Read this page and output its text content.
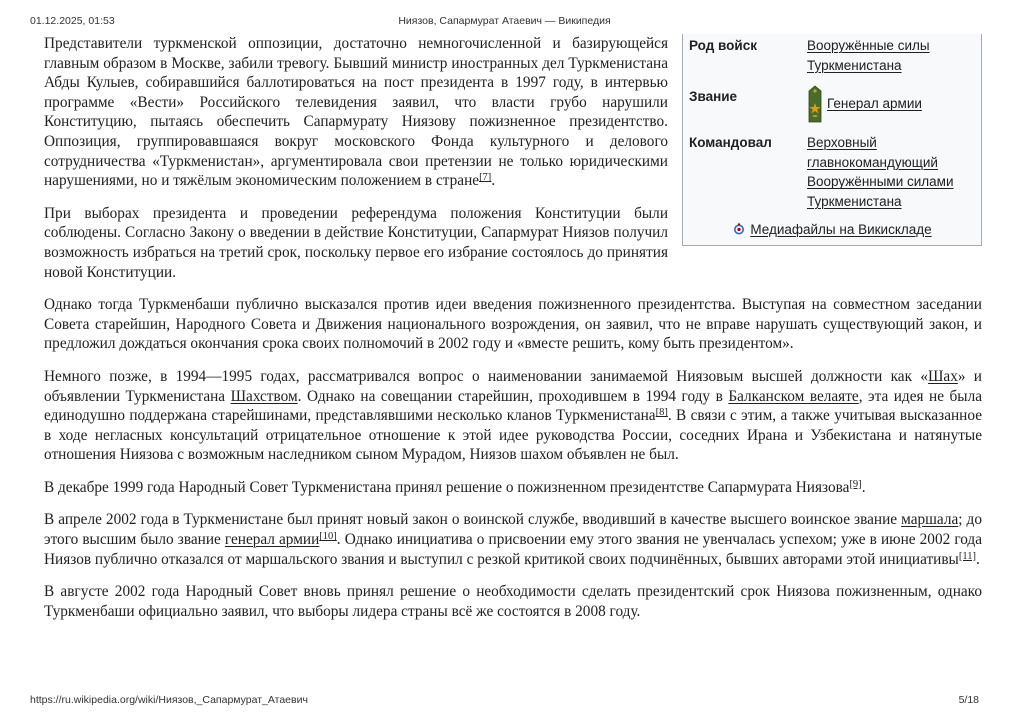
01.12.2025, 01:53	Ниязов, Сапармурат Атаевич — Википедия
Род войск	Вооружённые силы
Туркменистана
Звание	Генерал армии
Командовал	Верховный
главнокомандующий
Вооружёнными силами
Туркменистана
Медиафайлы на Викискладе

Представители туркменской оппозиции, достаточно немногочисленной и базирующейся главным образом в Москве, забили тревогу. Бывший министр иностранных дел Туркменистана Абды Кулыев, собиравшийся баллотироваться на пост президента в 1997 году, в интервью программе «Вести» Российского телевидения заявил, что власти грубо нарушили Конституцию, пытаясь обеспечить Сапармурату Ниязову пожизненное президентство. Оппозиция, группировавшаяся вокруг московского Фонда культурного и делового сотрудничества «Туркменистан», аргументировала свои претензии не только юридическими нарушениями, но и тяжёлым экономическим положением в стране[7].

При выборах президента и проведении референдума положения Конституции были соблюдены. Согласно Закону о введении в действие Конституции, Сапармурат Ниязов получил возможность избраться на третий срок, поскольку первое его избрание состоялось до принятия новой Конституции.

Однако тогда Туркменбаши публично высказался против идеи введения пожизненного президентства. Выступая на совместном заседании Совета старейшин, Народного Совета и Движения национального возрождения, он заявил, что не вправе нарушать существующий закон, и предложил дождаться окончания срока своих полномочий в 2002 году и «вместе решить, кому быть президентом».

Немного позже, в 1994—1995 годах, рассматривался вопрос о наименовании занимаемой Ниязовым высшей должности как «Шах» и объявлении Туркменистана Шахством. Однако на совещании старейшин, проходившем в 1994 году в Балканском велаяте, эта идея не была единодушно поддержана старейшинами, представлявшими несколько кланов Туркменистана[8]. В связи с этим, а также учитывая высказанное в ходе негласных консультаций отрицательное отношение к этой идее руководства России, соседних Ирана и Узбекистана и натянутые отношения Ниязова с возможным наследником сыном Мурадом, Ниязов шахом объявлен не был.

В декабре 1999 года Народный Совет Туркменистана принял решение о пожизненном президентстве Сапармурата Ниязова[9].

В апреле 2002 года в Туркменистане был принят новый закон о воинской службе, вводивший в качестве высшего воинское звание маршала; до этого высшим было звание генерал армии[10]. Однако инициатива о присвоении ему этого звания не увенчалась успехом; уже в июне 2002 года Ниязов публично отказался от маршальского звания и выступил с резкой критикой своих подчинённых, бывших авторами этой инициативы[11].

В августе 2002 года Народный Совет вновь принял решение о необходимости сделать президентский срок Ниязова пожизненным, однако Туркменбаши официально заявил, что выборы лидера страны всё же состоятся в 2008 году.

https://ru.wikipedia.org/wiki/Ниязов,_Сапармурат_Атаевич	5/18
